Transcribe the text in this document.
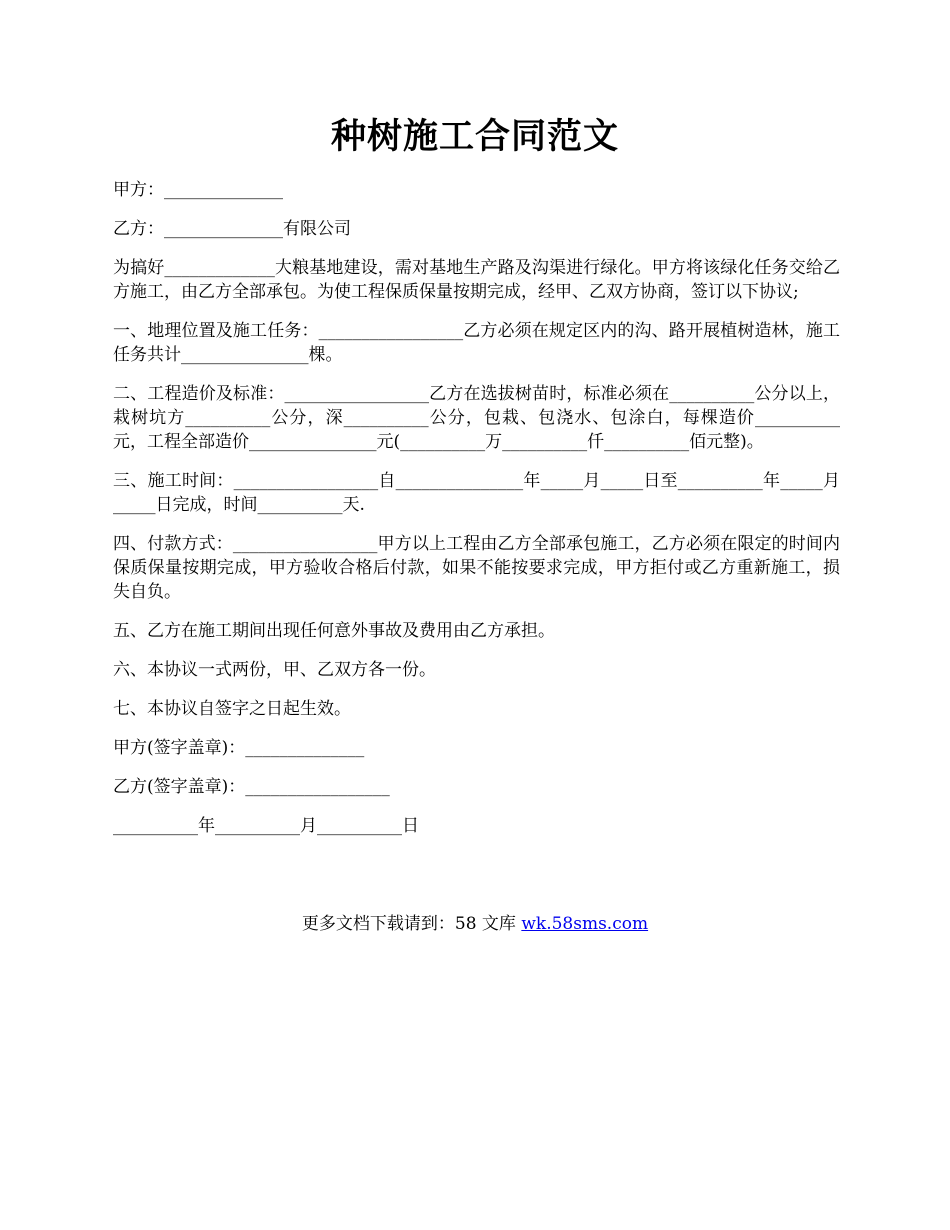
种树施工合同范文

甲方：______________

乙方：______________有限公司

为搞好_____________大粮基地建设，需对基地生产路及沟渠进行绿化。甲方将该绿化任务交给乙方施工，由乙方全部承包。为使工程保质保量按期完成，经甲、乙双方协商，签订以下协议;

一、地理位置及施工任务：_________________乙方必须在规定区内的沟、路开展植树造林，施工任务共计_______________棵。

二、工程造价及标准：_________________乙方在选拔树苗时，标准必须在__________公分以上，栽树坑方__________公分，深__________公分，包栽、包浇水、包涂白，每棵造价__________元，工程全部造价_______________元(__________万__________仟__________佰元整)。

三、施工时间：_________________自_______________年_____月_____日至__________年_____月_____日完成，时间__________天.

四、付款方式：_________________甲方以上工程由乙方全部承包施工，乙方必须在限定的时间内保质保量按期完成，甲方验收合格后付款，如果不能按要求完成，甲方拒付或乙方重新施工，损失自负。

五、乙方在施工期间出现任何意外事故及费用由乙方承担。

六、本协议一式两份，甲、乙双方各一份。

七、本协议自签字之日起生效。

甲方(签字盖章)：______________

乙方(签字盖章)：_________________

__________年__________月__________日

更多文档下载请到：58 文库 wk.58sms.com
